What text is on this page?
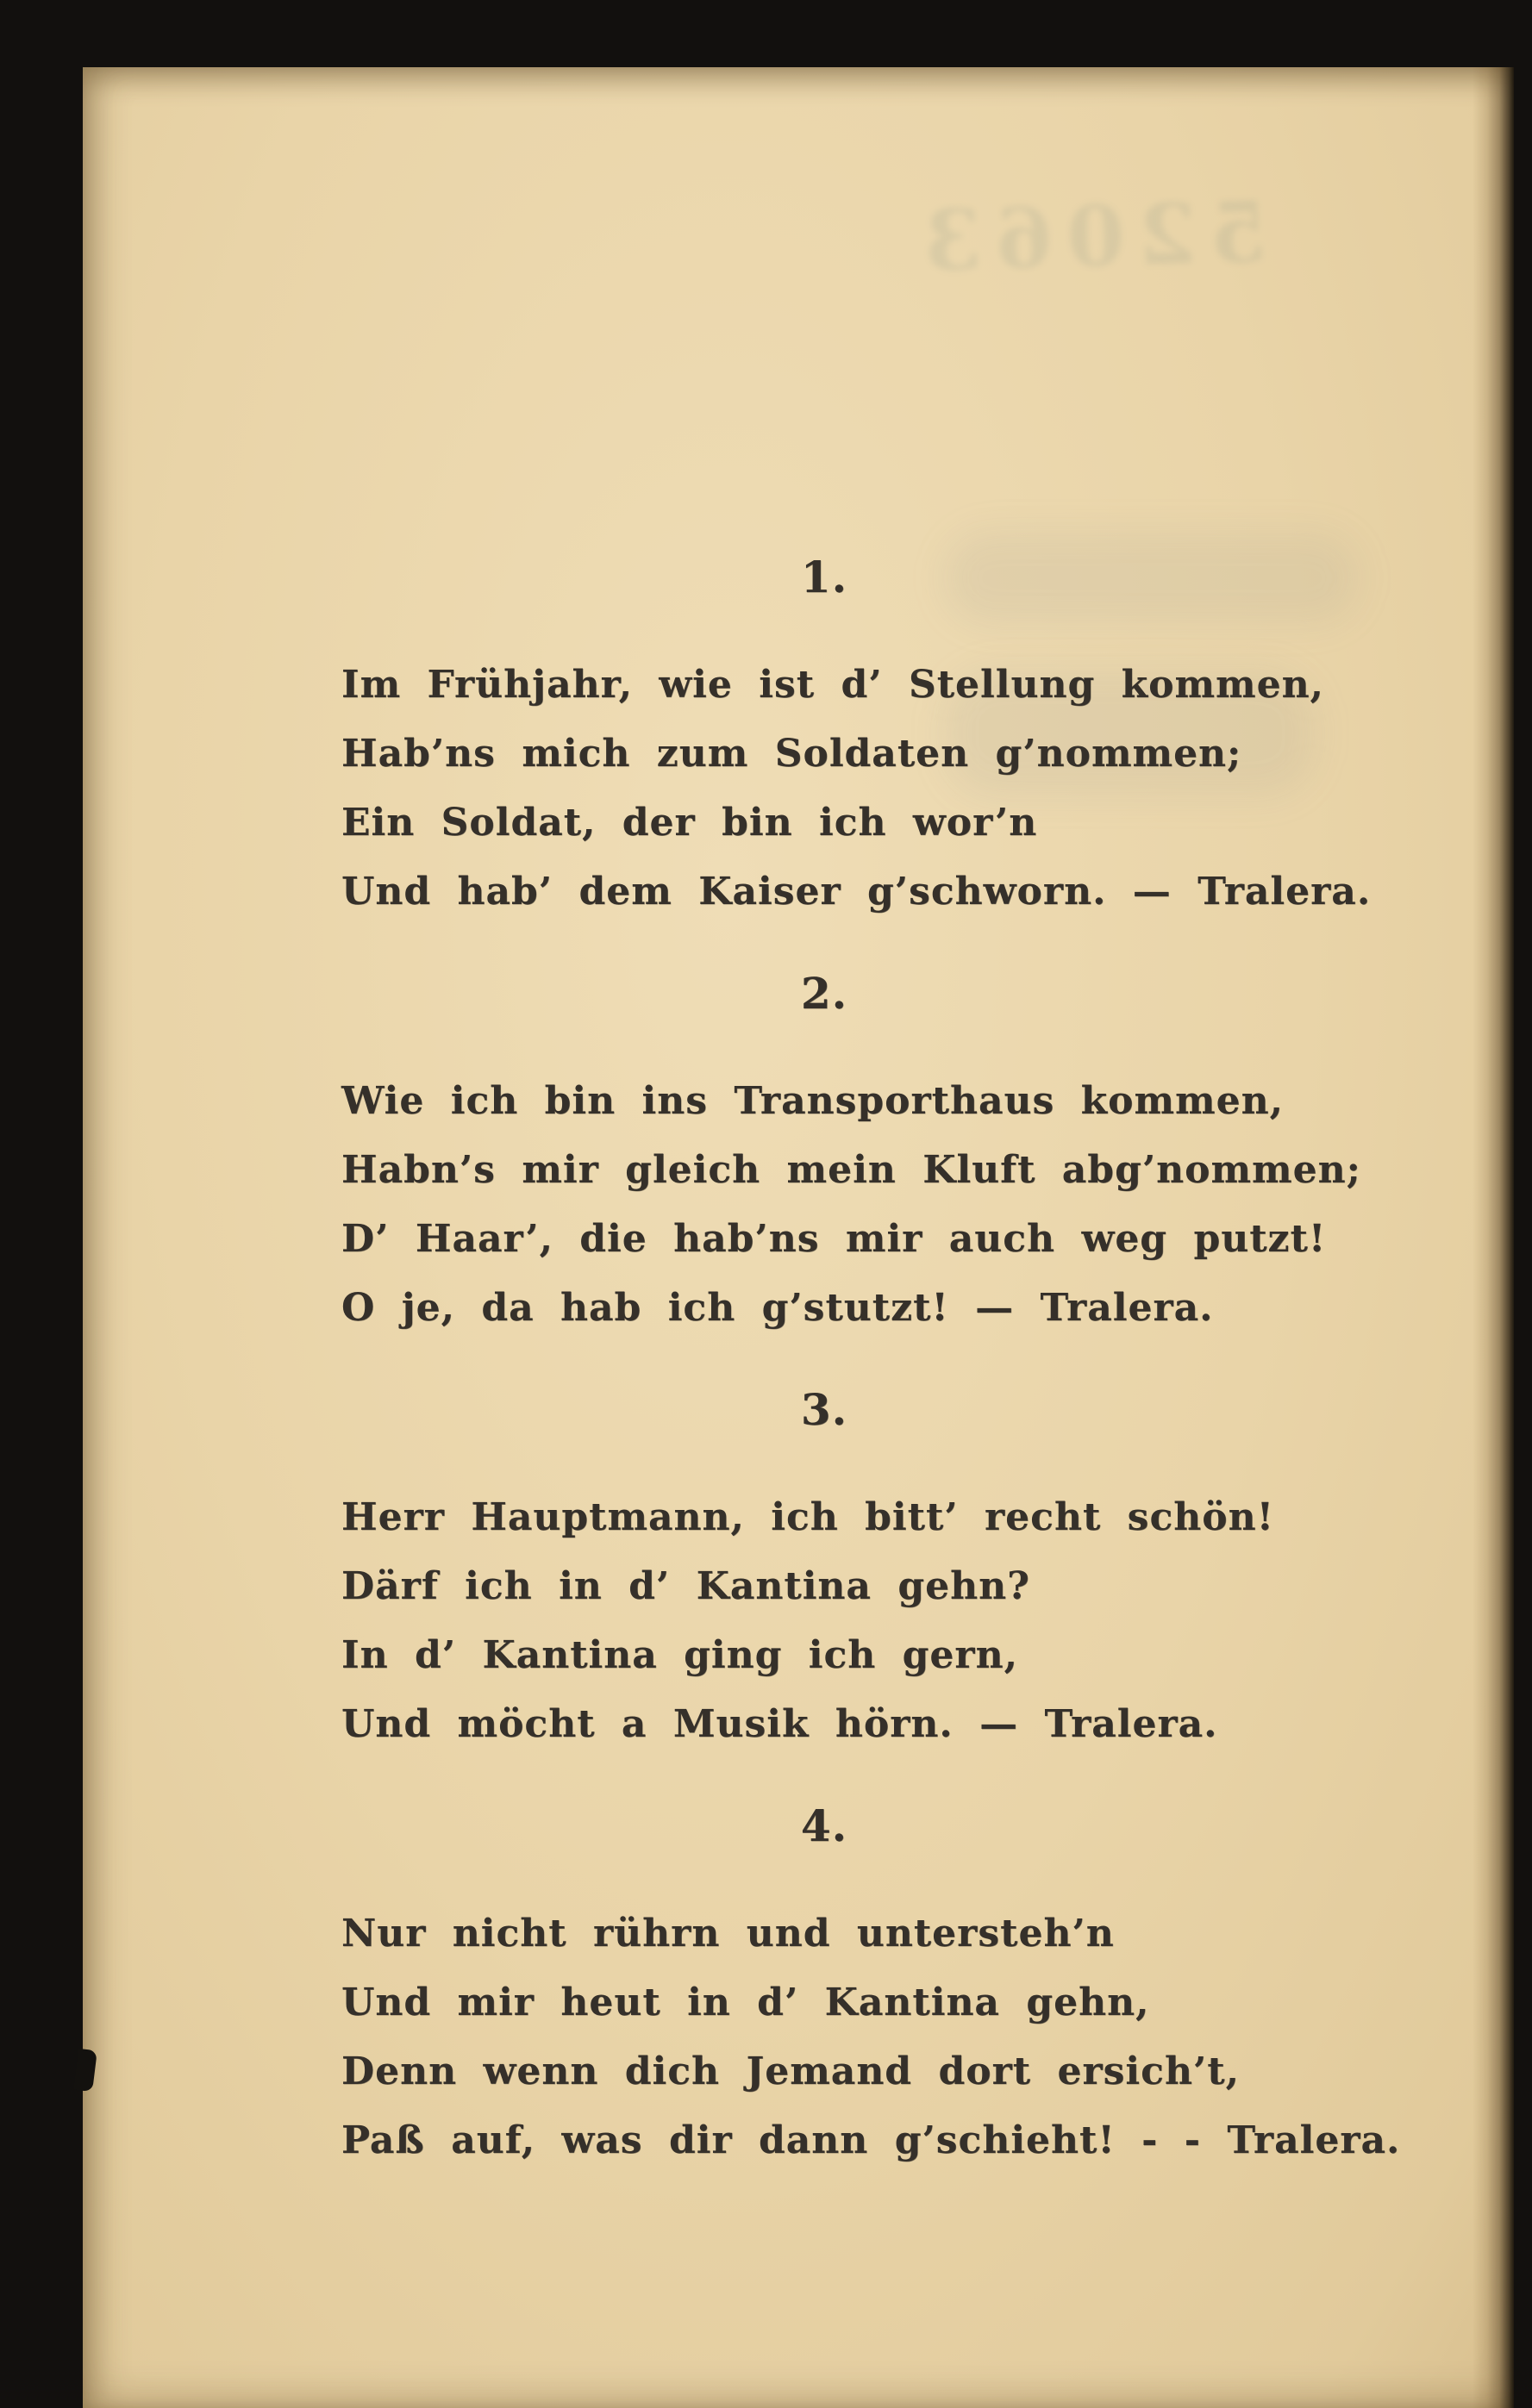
52063
1.
Im Frühjahr, wie ist d’ Stellung kommen,
Hab’ns mich zum Soldaten g’nommen;
Ein Soldat, der bin ich wor’n
Und hab’ dem Kaiser g’schworn. — Tralera.
2.
Wie ich bin ins Transporthaus kommen,
Habn’s mir gleich mein Kluft abg’nommen;
D’ Haar’, die hab’ns mir auch weg putzt!
O je, da hab ich g’stutzt! — Tralera.
3.
Herr Hauptmann, ich bitt’ recht schön!
Därf ich in d’ Kantina gehn?
In d’ Kantina ging ich gern,
Und möcht a Musik hörn. — Tralera.
4.
Nur nicht rührn und untersteh’n
Und mir heut in d’ Kantina gehn,
Denn wenn dich Jemand dort ersich’t,
Paß auf, was dir dann g’schieht! - - Tralera.
